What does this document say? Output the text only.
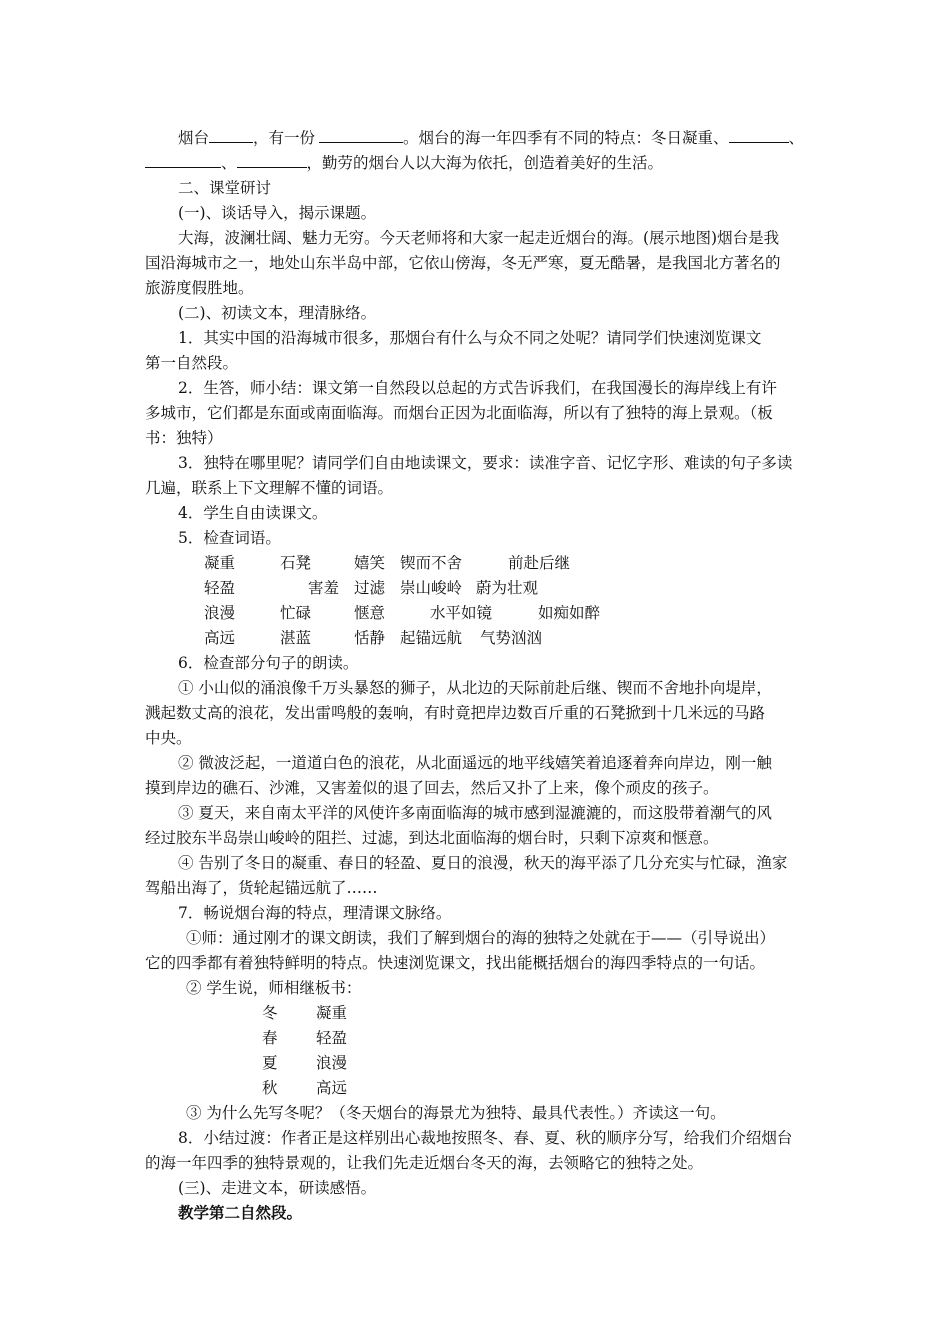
烟台	，有一份	。烟台的海一年四季有不同的特点：冬日凝重、	、
、	，勤劳的烟台人以大海为依托，创造着美好的生活。
二、课堂研讨
(一)、谈话导入，揭示课题。
大海，波澜壮阔、魅力无穷。今天老师将和大家一起走近烟台的海。(展示地图)烟台是我
国沿海城市之一，地处山东半岛中部，它依山傍海，冬无严寒，夏无酷暑，是我国北方著名的
旅游度假胜地。
(二)、初读文本，理清脉络。
1．其实中国的沿海城市很多，那烟台有什么与众不同之处呢？请同学们快速浏览课文
第一自然段。
2．生答，师小结：课文第一自然段以总起的方式告诉我们，在我国漫长的海岸线上有许
多城市，它们都是东面或南面临海。而烟台正因为北面临海，所以有了独特的海上景观。（板
书：独特）
3．独特在哪里呢？请同学们自由地读课文，要求：读准字音、记忆字形、难读的句子多读
几遍，联系上下文理解不懂的词语。
4．学生自由读课文。
5．检查词语。
凝重	石凳	嬉笑 锲而不舍	前赴后继
轻盈	害羞 过滤 崇山峻岭 蔚为壮观
浪漫	忙碌	惬意	水平如镜	如痴如醉
高远	湛蓝	恬静 起锚远航 气势汹汹
6．检查部分句子的朗读。
① 小山似的涌浪像千万头暴怒的狮子，从北边的天际前赴后继、锲而不舍地扑向堤岸，
溅起数丈高的浪花，发出雷鸣般的轰响，有时竟把岸边数百斤重的石凳掀到十几米远的马路
中央。
② 微波泛起，一道道白色的浪花，从北面遥远的地平线嬉笑着追逐着奔向岸边，刚一触
摸到岸边的礁石、沙滩，又害羞似的退了回去，然后又扑了上来，像个顽皮的孩子。
③ 夏天，来自南太平洋的风使许多南面临海的城市感到湿漉漉的，而这股带着潮气的风
经过胶东半岛崇山峻岭的阻拦、过滤，到达北面临海的烟台时，只剩下凉爽和惬意。
④ 告别了冬日的凝重、春日的轻盈、夏日的浪漫，秋天的海平添了几分充实与忙碌，渔家
驾船出海了，货轮起锚远航了……
7．畅说烟台海的特点，理清课文脉络。
①师：通过刚才的课文朗读，我们了解到烟台的海的独特之处就在于——（引导说出）
它的四季都有着独特鲜明的特点。快速浏览课文，找出能概括烟台的海四季特点的一句话。
② 学生说，师相继板书：
冬 凝重
春 轻盈
夏 浪漫
秋 高远
③ 为什么先写冬呢？（冬天烟台的海景尤为独特、最具代表性。）齐读这一句。
8．小结过渡：作者正是这样别出心裁地按照冬、春、夏、秋的顺序分写，给我们介绍烟台
的海一年四季的独特景观的，让我们先走近烟台冬天的海，去领略它的独特之处。
(三)、走进文本，研读感悟。
教学第二自然段。
